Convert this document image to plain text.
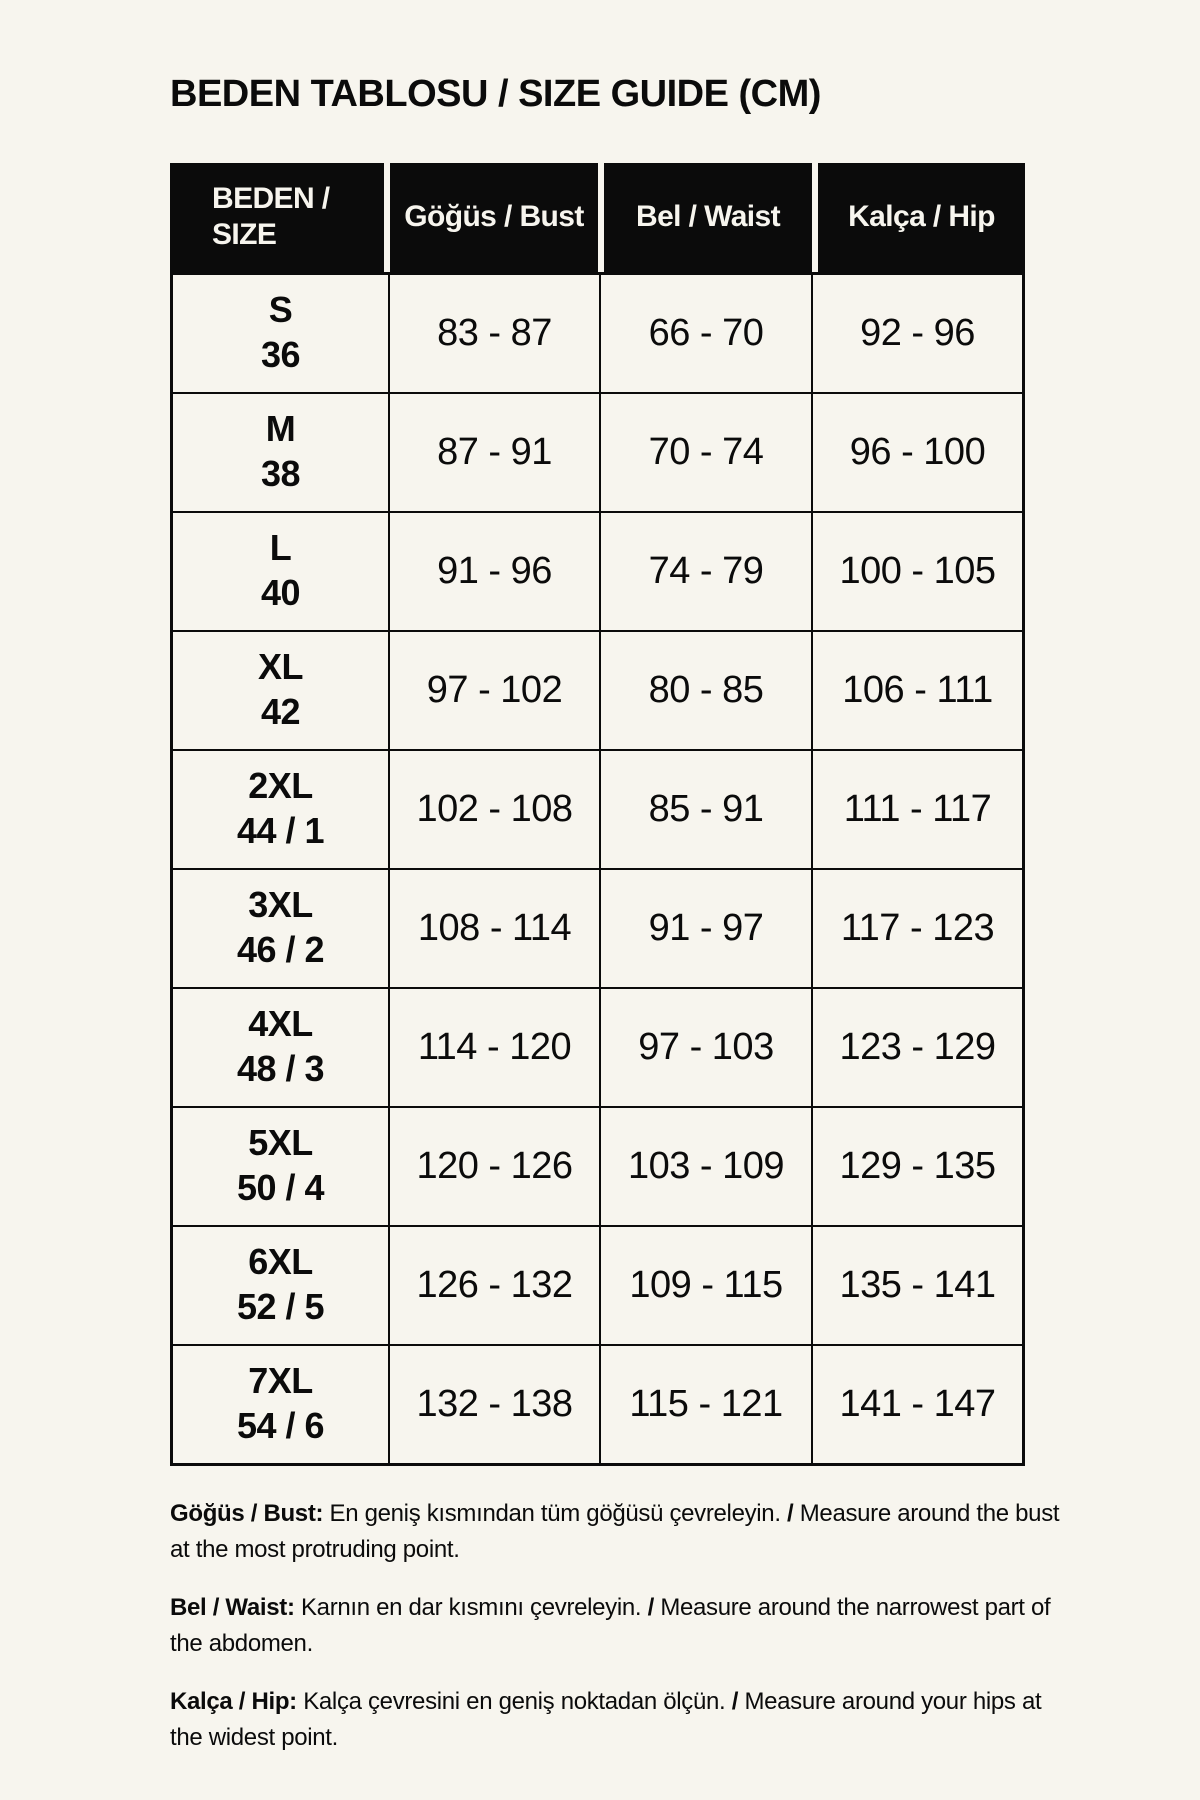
BEDEN TABLOSU / SIZE GUIDE (CM)
BEDEN / SIZE
Göğüs / Bust	Bel / Waist	Kalça / Hip
S
36
83 - 87	66 - 70	92 - 96
M
38
87 - 91	70 - 74	96 - 100
L
40
91 - 96	74 - 79	100 - 105
XL
42
97 - 102	80 - 85	106 - 111
2XL
44 / 1
102 - 108	85 - 91	111 - 117
3XL
46 / 2
108 - 114	91 - 97	117 - 123
4XL
48 / 3
114 - 120	97 - 103	123 - 129
5XL
50 / 4
120 - 126	103 - 109	129 - 135
6XL
52 / 5
126 - 132	109 - 115	135 - 141
7XL
54 / 6
132 - 138	115 - 121	141 - 147

Göğüs / Bust: En geniş kısmından tüm göğüsü çevreleyin. / Measure around the bust at the most protruding point.

Bel / Waist: Karnın en dar kısmını çevreleyin. / Measure around the narrowest part of the abdomen.

Kalça / Hip: Kalça çevresini en geniş noktadan ölçün. / Measure around your hips at the widest point.
